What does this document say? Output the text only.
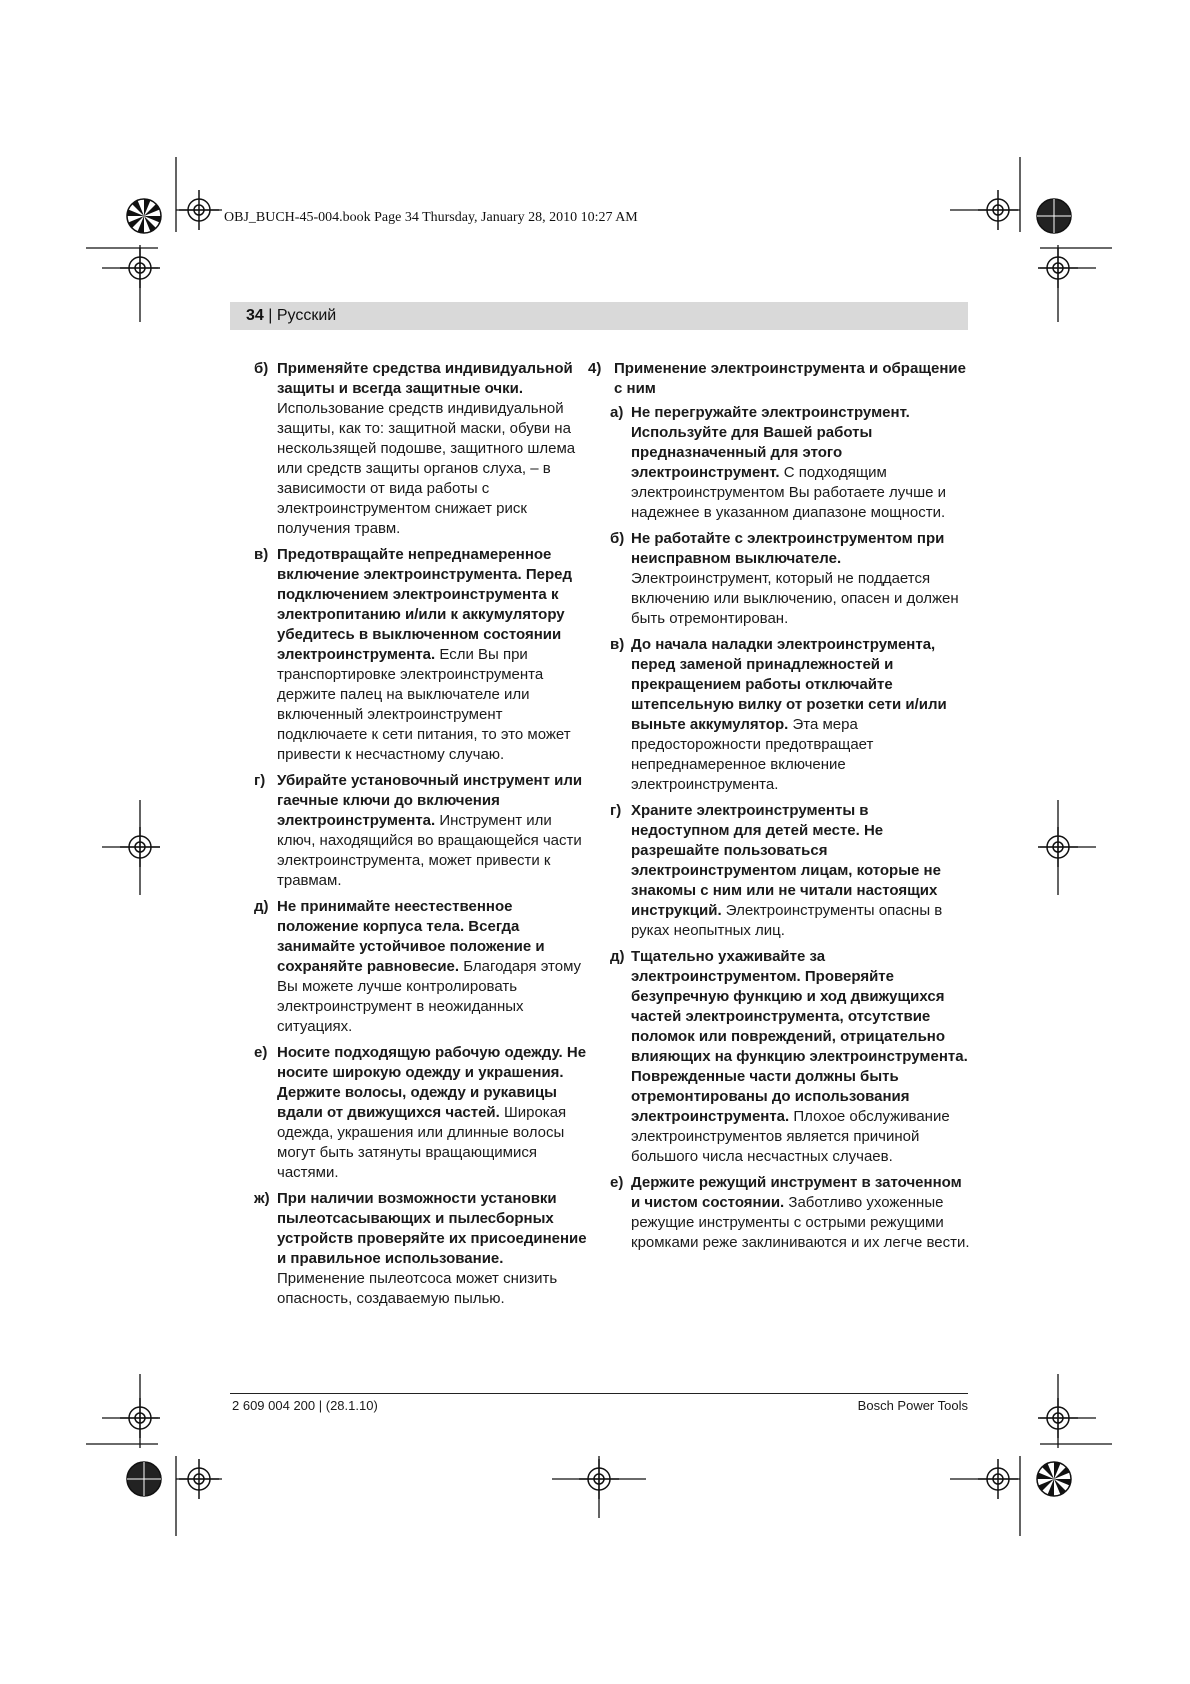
OBJ_BUCH-45-004.book Page 34 Thursday, January 28, 2010 10:27 AM
34 | Русский
б) Применяйте средства индивидуальной защиты и всегда защитные очки. Использование средств индивидуальной защиты, как то: защитной маски, обуви на нескользящей подошве, защитного шлема или средств защиты органов слуха, – в зависимости от вида работы с электроинструментом снижает риск получения травм.
в) Предотвращайте непреднамеренное включение электроинструмента. Перед подключением электроинструмента к электропитанию и/или к аккумулятору убедитесь в выключенном состоянии электроинструмента. Если Вы при транспортировке электроинструмента держите палец на выключателе или включенный электроинструмент подключаете к сети питания, то это может привести к несчастному случаю.
г) Убирайте установочный инструмент или гаечные ключи до включения электроинструмента. Инструмент или ключ, находящийся во вращающейся части электроинструмента, может привести к травмам.
д) Не принимайте неестественное положение корпуса тела. Всегда занимайте устойчивое положение и сохраняйте равновесие. Благодаря этому Вы можете лучше контролировать электроинструмент в неожиданных ситуациях.
е) Носите подходящую рабочую одежду. Не носите широкую одежду и украшения. Держите волосы, одежду и рукавицы вдали от движущихся частей. Широкая одежда, украшения или длинные волосы могут быть затянуты вращающимися частями.
ж) При наличии возможности установки пылеотсасывающих и пылесборных устройств проверяйте их присоединение и правильное использование. Применение пылеотсоса может снизить опасность, создаваемую пылью.
4) Применение электроинструмента и обращение с ним
а) Не перегружайте электроинструмент. Используйте для Вашей работы предназначенный для этого электроинструмент. С подходящим электроинструментом Вы работаете лучше и надежнее в указанном диапазоне мощности.
б) Не работайте с электроинструментом при неисправном выключателе. Электроинструмент, который не поддается включению или выключению, опасен и должен быть отремонтирован.
в) До начала наладки электроинструмента, перед заменой принадлежностей и прекращением работы отключайте штепсельную вилку от розетки сети и/или выньте аккумулятор. Эта мера предосторожности предотвращает непреднамеренное включение электроинструмента.
г) Храните электроинструменты в недоступном для детей месте. Не разрешайте пользоваться электроинструментом лицам, которые не знакомы с ним или не читали настоящих инструкций. Электроинструменты опасны в руках неопытных лиц.
д) Тщательно ухаживайте за электроинструментом. Проверяйте безупречную функцию и ход движущихся частей электроинструмента, отсутствие поломок или повреждений, отрицательно влияющих на функцию электроинструмента. Поврежденные части должны быть отремонтированы до использования электроинструмента. Плохое обслуживание электроинструментов является причиной большого числа несчастных случаев.
е) Держите режущий инструмент в заточенном и чистом состоянии. Заботливо ухоженные режущие инструменты с острыми режущими кромками реже заклиниваются и их легче вести.
2 609 004 200 | (28.1.10)	Bosch Power Tools
